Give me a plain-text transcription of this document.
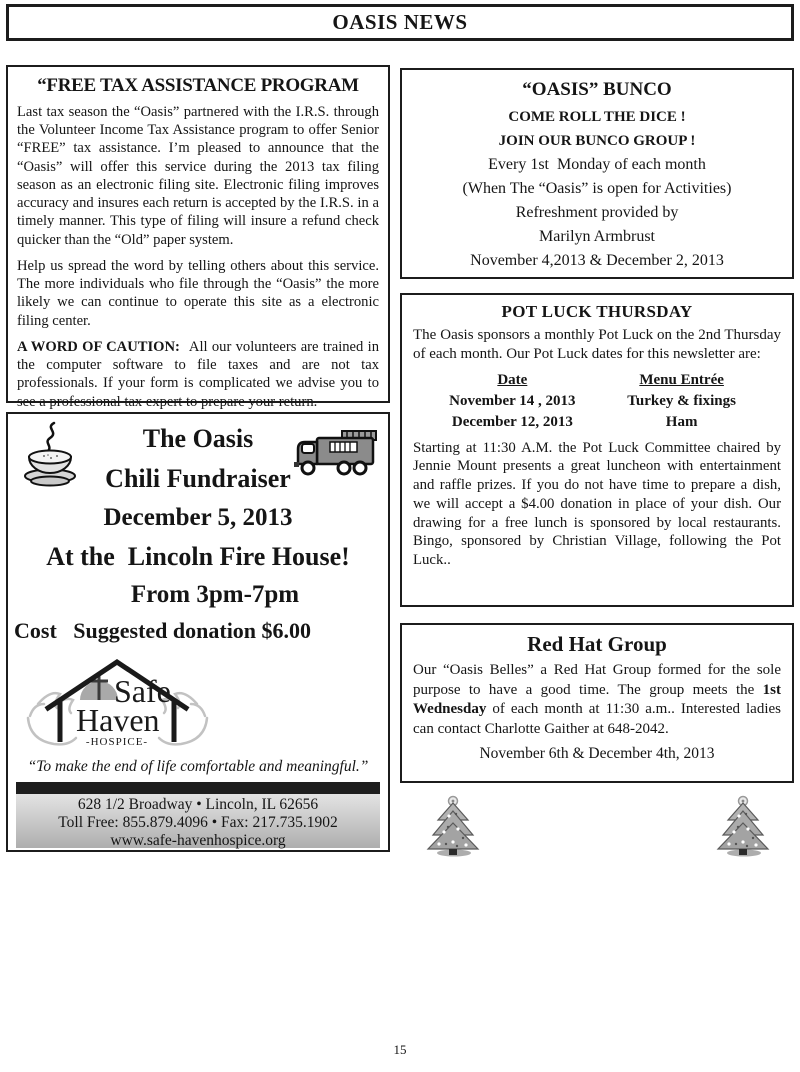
OASIS NEWS
“FREE TAX ASSISTANCE PROGRAM

Last tax season the “Oasis” partnered with the I.R.S. through the Volunteer Income Tax Assistance program to offer Senior “FREE” tax assistance. I’m pleased to announce that the “Oasis” will offer this service during the 2013 tax filing season as an electronic filing site. Electronic filing improves accuracy and insures each return is accepted by the I.R.S. in a timely manner. This type of filing will insure a refund check quicker than the “Old” paper system.

Help us spread the word by telling others about this service. The more individuals who file through the “Oasis” the more likely we can continue to operate this site as a electronic filing center.

A WORD OF CAUTION: All our volunteers are trained in the computer software to file taxes and are not tax professionals. If your form is complicated we advise you to see a professional tax expert to prepare your return.

The Oasis
Chili Fundraiser
December 5, 2013
At the  Lincoln Fire House!
From 3pm-7pm
Cost   Suggested donation $6.00
Safe
Haven
-HOSPICE-
“To make the end of life comfortable and meaningful.”
628 1/2 Broadway • Lincoln, IL 62656
Toll Free: 855.879.4096 • Fax: 217.735.1902
www.safe-havenhospice.org
“OASIS” BUNCO
COME ROLL THE DICE !
JOIN OUR BUNCO GROUP !
Every 1st  Monday of each month
(When The “Oasis” is open for Activities)
Refreshment provided by
Marilyn Armbrust
November 4,2013 & December 2, 2013
POT LUCK THURSDAY

The Oasis sponsors a monthly Pot Luck on the 2nd Thursday of each month. Our Pot Luck dates for this newsletter are:

Date	Menu Entrée
November 14 , 2013	Turkey & fixings
December 12, 2013	Ham

Starting at 11:30 A.M. the Pot Luck Committee chaired by Jennie Mount presents a great luncheon with entertainment and raffle prizes. If you do not have time to prepare a dish, we will accept a $4.00 donation in place of your dish. Our drawing for a free lunch is sponsored by local restaurants. Bingo, sponsored by Christian Village, following the Pot Luck..

Red Hat Group

Our “Oasis Belles” a Red Hat Group formed for the sole purpose to have a good time. The group meets the 1st Wednesday of each month at 11:30 a.m.. Interested ladies can contact Charlotte Gaither at 648-2042.

November 6th & December 4th, 2013

15
